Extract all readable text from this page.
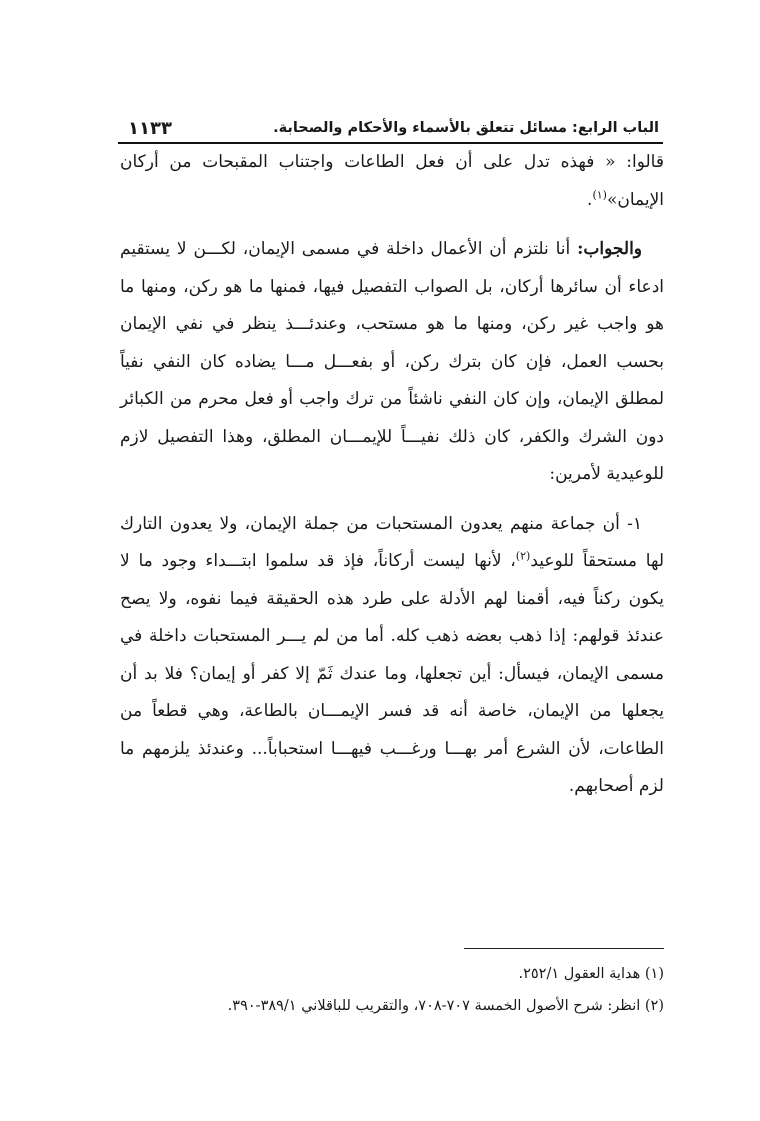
الباب الرابع: مسائل تتعلق بالأسماء والأحكام والصحابة.
١١٣٣

قالوا: « فهذه تدل على أن فعل الطاعات واجتناب المقبحات من أركان الإيمان»$^{(١)}$.

والجواب: أنا نلتزم أن الأعمال داخلة في مسمى الإيمان، لكـــن لا يستقيم ادعاء أن سائرها أركان، بل الصواب التفصيل فيها، فمنها ما هو ركن، ومنها ما هو واجب غير ركن، ومنها ما هو مستحب، وعندئـــذ ينظر في نفي الإيمان بحسب العمل، فإن كان بترك ركن، أو بفعـــل مـــا يضاده كان النفي نفياً لمطلق الإيمان، وإن كان النفي ناشئاً من ترك واجب أو فعل محرم من الكبائر دون الشرك والكفر، كان ذلك نفيـــاً للإيمـــان المطلق، وهذا التفصيل لازم للوعيدية لأمرين:

١- أن جماعة منهم يعدون المستحبات من جملة الإيمان، ولا يعدون التارك لها مستحقاً للوعيد$^{(٢)}$، لأنها ليست أركاناً، فإذ قد سلموا ابتـــداء وجود ما لا يكون ركناً فيه، أقمنا لهم الأدلة على طرد هذه الحقيقة فيما نفوه، ولا يصح عندئذ قولهم: إذا ذهب بعضه ذهب كله. أما من لم يـــر المستحبات داخلة في مسمى الإيمان، فيسأل: أين تجعلها، وما عندك ثَمّ إلا كفر أو إيمان؟ فلا بد أن يجعلها من الإيمان، خاصة أنه قد فسر الإيمـــان بالطاعة، وهي قطعاً من الطاعات، لأن الشرع أمر بهـــا ورغـــب فيهـــا استحباباً... وعندئذ يلزمهم ما لزم أصحابهم.

(١) هداية العقول ٢٥٢/١.

(٢) انظر: شرح الأصول الخمسة ٧٠٧-٧٠٨، والتقريب للباقلاني ٣٨٩/١-٣٩٠.
